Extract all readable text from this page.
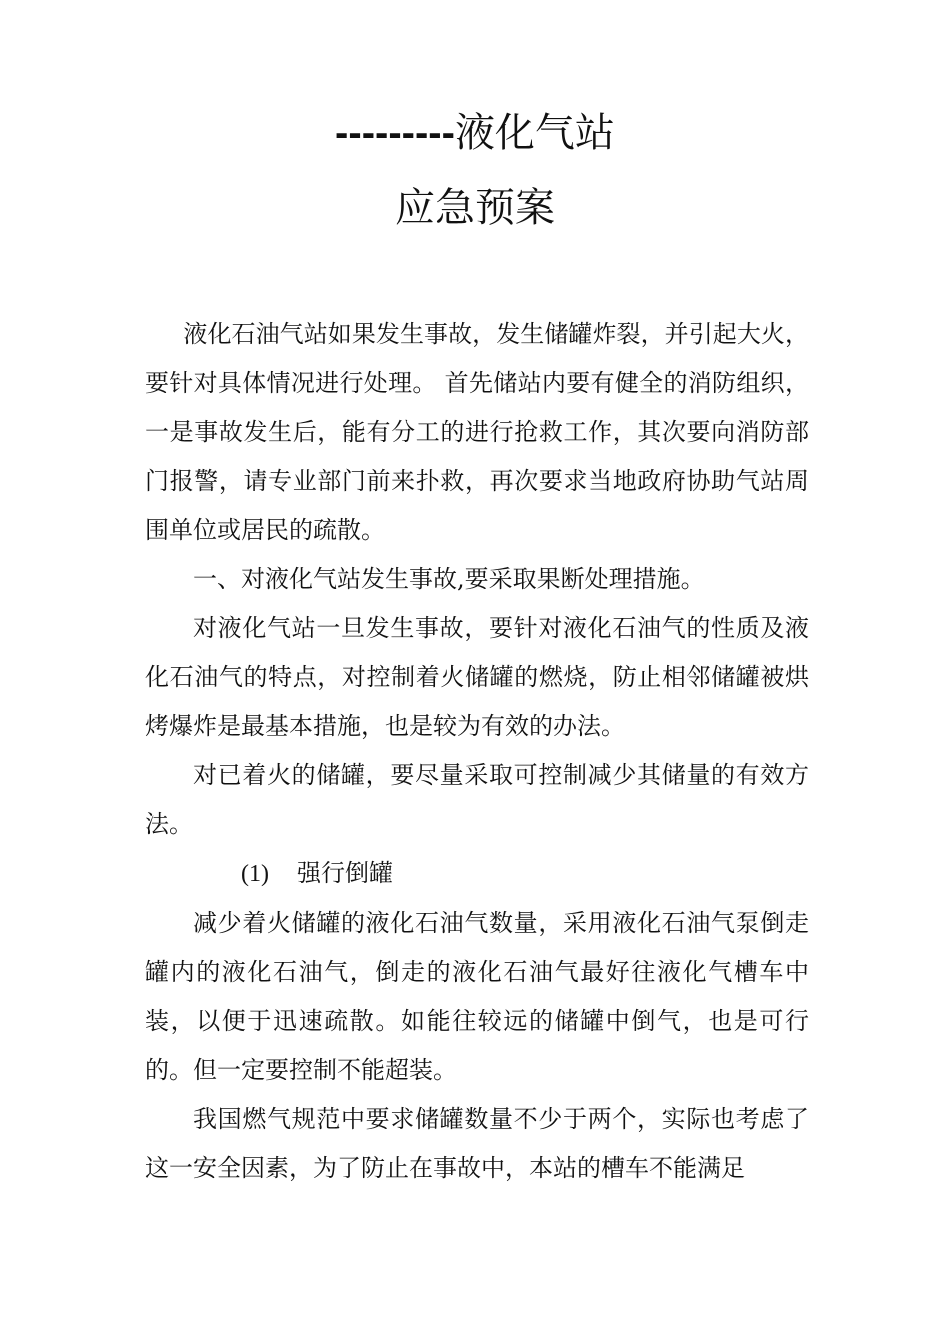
---------液化气站
应急预案

液化石油气站如果发生事故，发生储罐炸裂，并引起大火，要针对具体情况进行处理。 首先储站内要有健全的消防组织，一是事故发生后，能有分工的进行抢救工作，其次要向消防部门报警，请专业部门前来扑救，再次要求当地政府协助气站周围单位或居民的疏散。

一、对液化气站发生事故,要采取果断处理措施。

对液化气站一旦发生事故，要针对液化石油气的性质及液化石油气的特点，对控制着火储罐的燃烧，防止相邻储罐被烘烤爆炸是最基本措施，也是较为有效的办法。

对已着火的储罐，要尽量采取可控制减少其储量的有效方法。

(1) 强行倒罐

减少着火储罐的液化石油气数量，采用液化石油气泵倒走罐内的液化石油气，倒走的液化石油气最好往液化气槽车中装，以便于迅速疏散。如能往较远的储罐中倒气，也是可行的。但一定要控制不能超装。

我国燃气规范中要求储罐数量不少于两个，实际也考虑了这一安全因素，为了防止在事故中，本站的槽车不能满足
